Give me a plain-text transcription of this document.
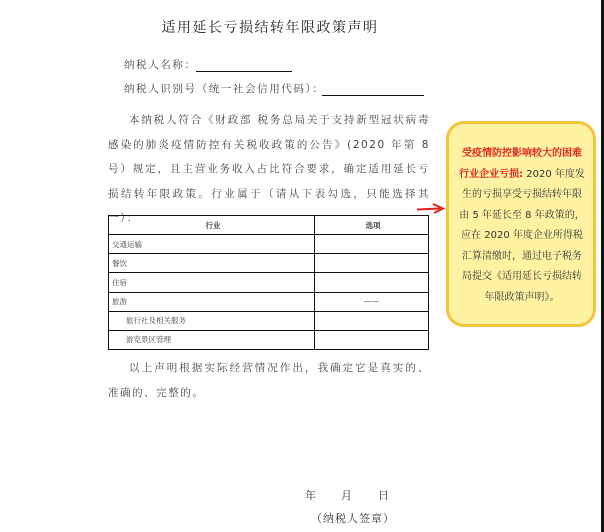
适用延长亏损结转年限政策声明
纳税人名称：
纳税人识别号（统一社会信用代码）：
本纳税人符合《财政部 税务总局关于支持新型冠状病毒感染的肺炎疫情防控有关税收政策的公告》(2020 年第 8 号）规定，且主营业务收入占比符合要求，确定适用延长亏损结转年限政策。行业属于（请从下表勾选，只能选择其一）：
行业	选项
交通运输	
餐饮	
住宿	
旅游	——
旅行社及相关服务	
游览景区管理	
以上声明根据实际经营情况作出，我确定它是真实的、准确的、完整的。
年 月 日
（纳税人签章）
受疫情防控影响较大的困难行业企业亏损: 2020 年度发生的亏损享受亏损结转年限由 5 年延长至 8 年政策的，应在 2020 年度企业所得税汇算清缴时，通过电子税务局提交《适用延长亏损结转年限政策声明》。
